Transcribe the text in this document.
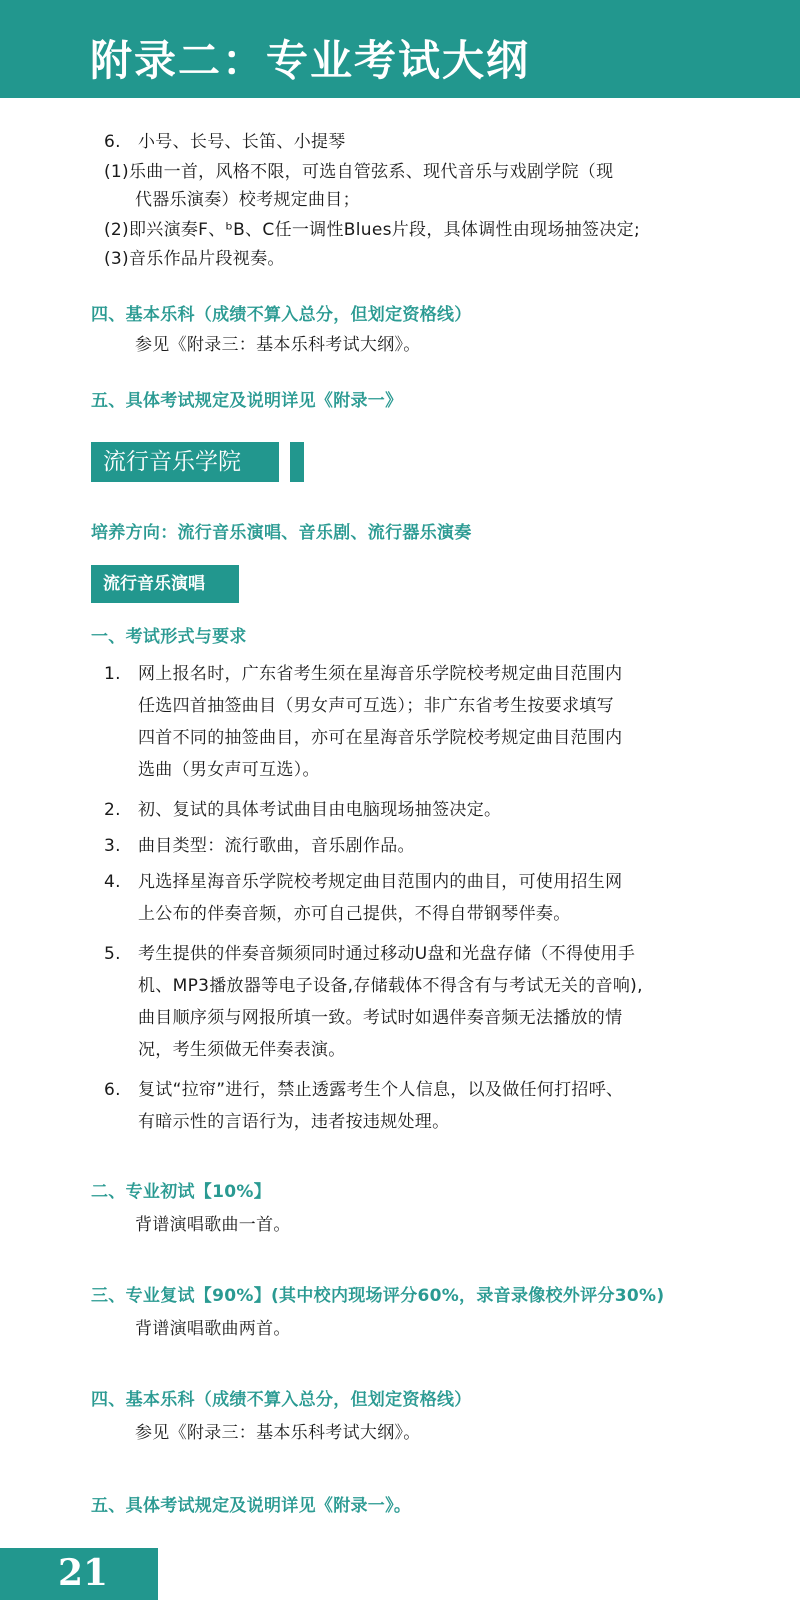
附录二：专业考试大纲
6. 小号、长号、长笛、小提琴
(1)乐曲一首，风格不限，可选自管弦系、现代音乐与戏剧学院（现
代器乐演奏）校考规定曲目；
(2)即兴演奏F、ᵇB、C任一调性Blues片段，具体调性由现场抽签决定;
(3)音乐作品片段视奏。
四、基本乐科（成绩不算入总分，但划定资格线）
参见《附录三：基本乐科考试大纲》。
五、具体考试规定及说明详见《附录一》
流行音乐学院
培养方向：流行音乐演唱、音乐剧、流行器乐演奏
流行音乐演唱
一、考试形式与要求
1. 网上报名时，广东省考生须在星海音乐学院校考规定曲目范围内
任选四首抽签曲目（男女声可互选）；非广东省考生按要求填写
四首不同的抽签曲目，亦可在星海音乐学院校考规定曲目范围内
选曲（男女声可互选）。
2. 初、复试的具体考试曲目由电脑现场抽签决定。
3. 曲目类型：流行歌曲，音乐剧作品。
4. 凡选择星海音乐学院校考规定曲目范围内的曲目，可使用招生网
上公布的伴奏音频，亦可自己提供，不得自带钢琴伴奏。
5. 考生提供的伴奏音频须同时通过移动U盘和光盘存储（不得使用手
机、MP3播放器等电子设备,存储载体不得含有与考试无关的音响),
曲目顺序须与网报所填一致。考试时如遇伴奏音频无法播放的情
况，考生须做无伴奏表演。
6. 复试“拉帘”进行，禁止透露考生个人信息，以及做任何打招呼、
有暗示性的言语行为，违者按违规处理。
二、专业初试【10%】
背谱演唱歌曲一首。
三、专业复试【90%】(其中校内现场评分60%，录音录像校外评分30%)
背谱演唱歌曲两首。
四、基本乐科（成绩不算入总分，但划定资格线）
参见《附录三：基本乐科考试大纲》。
五、具体考试规定及说明详见《附录一》。
21
